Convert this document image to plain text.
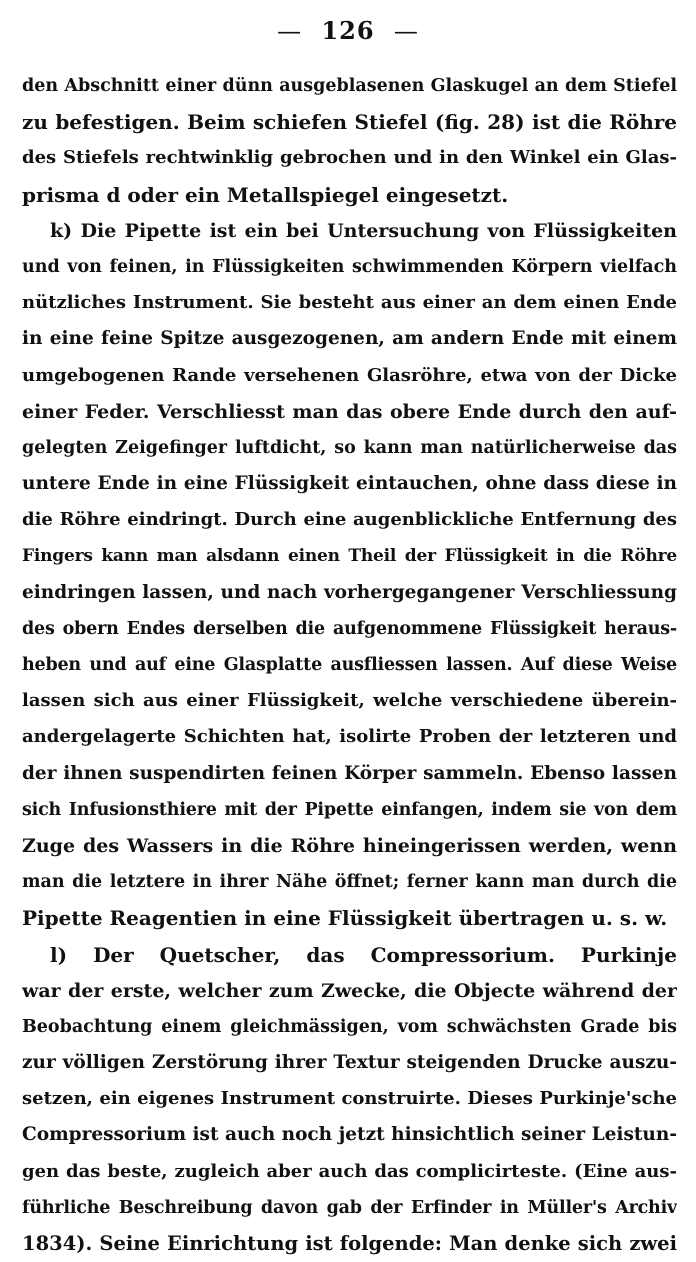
— 126 —
den Abschnitt einer dünn ausgeblasenen Glaskugel an dem Stiefel
zu befestigen. Beim schiefen Stiefel (fig. 28) ist die Röhre
des Stiefels rechtwinklig gebrochen und in den Winkel ein Glas-
prisma d oder ein Metallspiegel eingesetzt.
k) Die Pipette ist ein bei Untersuchung von Flüssigkeiten
und von feinen, in Flüssigkeiten schwimmenden Körpern vielfach
nützliches Instrument. Sie besteht aus einer an dem einen Ende
in eine feine Spitze ausgezogenen, am andern Ende mit einem
umgebogenen Rande versehenen Glasröhre, etwa von der Dicke
einer Feder. Verschliesst man das obere Ende durch den auf-
gelegten Zeigefinger luftdicht, so kann man natürlicherweise das
untere Ende in eine Flüssigkeit eintauchen, ohne dass diese in
die Röhre eindringt. Durch eine augenblickliche Entfernung des
Fingers kann man alsdann einen Theil der Flüssigkeit in die Röhre
eindringen lassen, und nach vorhergegangener Verschliessung
des obern Endes derselben die aufgenommene Flüssigkeit heraus-
heben und auf eine Glasplatte ausfliessen lassen. Auf diese Weise
lassen sich aus einer Flüssigkeit, welche verschiedene überein-
andergelagerte Schichten hat, isolirte Proben der letzteren und
der ihnen suspendirten feinen Körper sammeln. Ebenso lassen
sich Infusionsthiere mit der Pipette einfangen, indem sie von dem
Zuge des Wassers in die Röhre hineingerissen werden, wenn
man die letztere in ihrer Nähe öffnet; ferner kann man durch die
Pipette Reagentien in eine Flüssigkeit übertragen u. s. w.
l) Der Quetscher, das Compressorium. Purkinje
war der erste, welcher zum Zwecke, die Objecte während der
Beobachtung einem gleichmässigen, vom schwächsten Grade bis
zur völligen Zerstörung ihrer Textur steigenden Drucke auszu-
setzen, ein eigenes Instrument construirte. Dieses Purkinje'sche
Compressorium ist auch noch jetzt hinsichtlich seiner Leistun-
gen das beste, zugleich aber auch das complicirteste. (Eine aus-
führliche Beschreibung davon gab der Erfinder in Müller's Archiv
1834). Seine Einrichtung ist folgende: Man denke sich zwei
